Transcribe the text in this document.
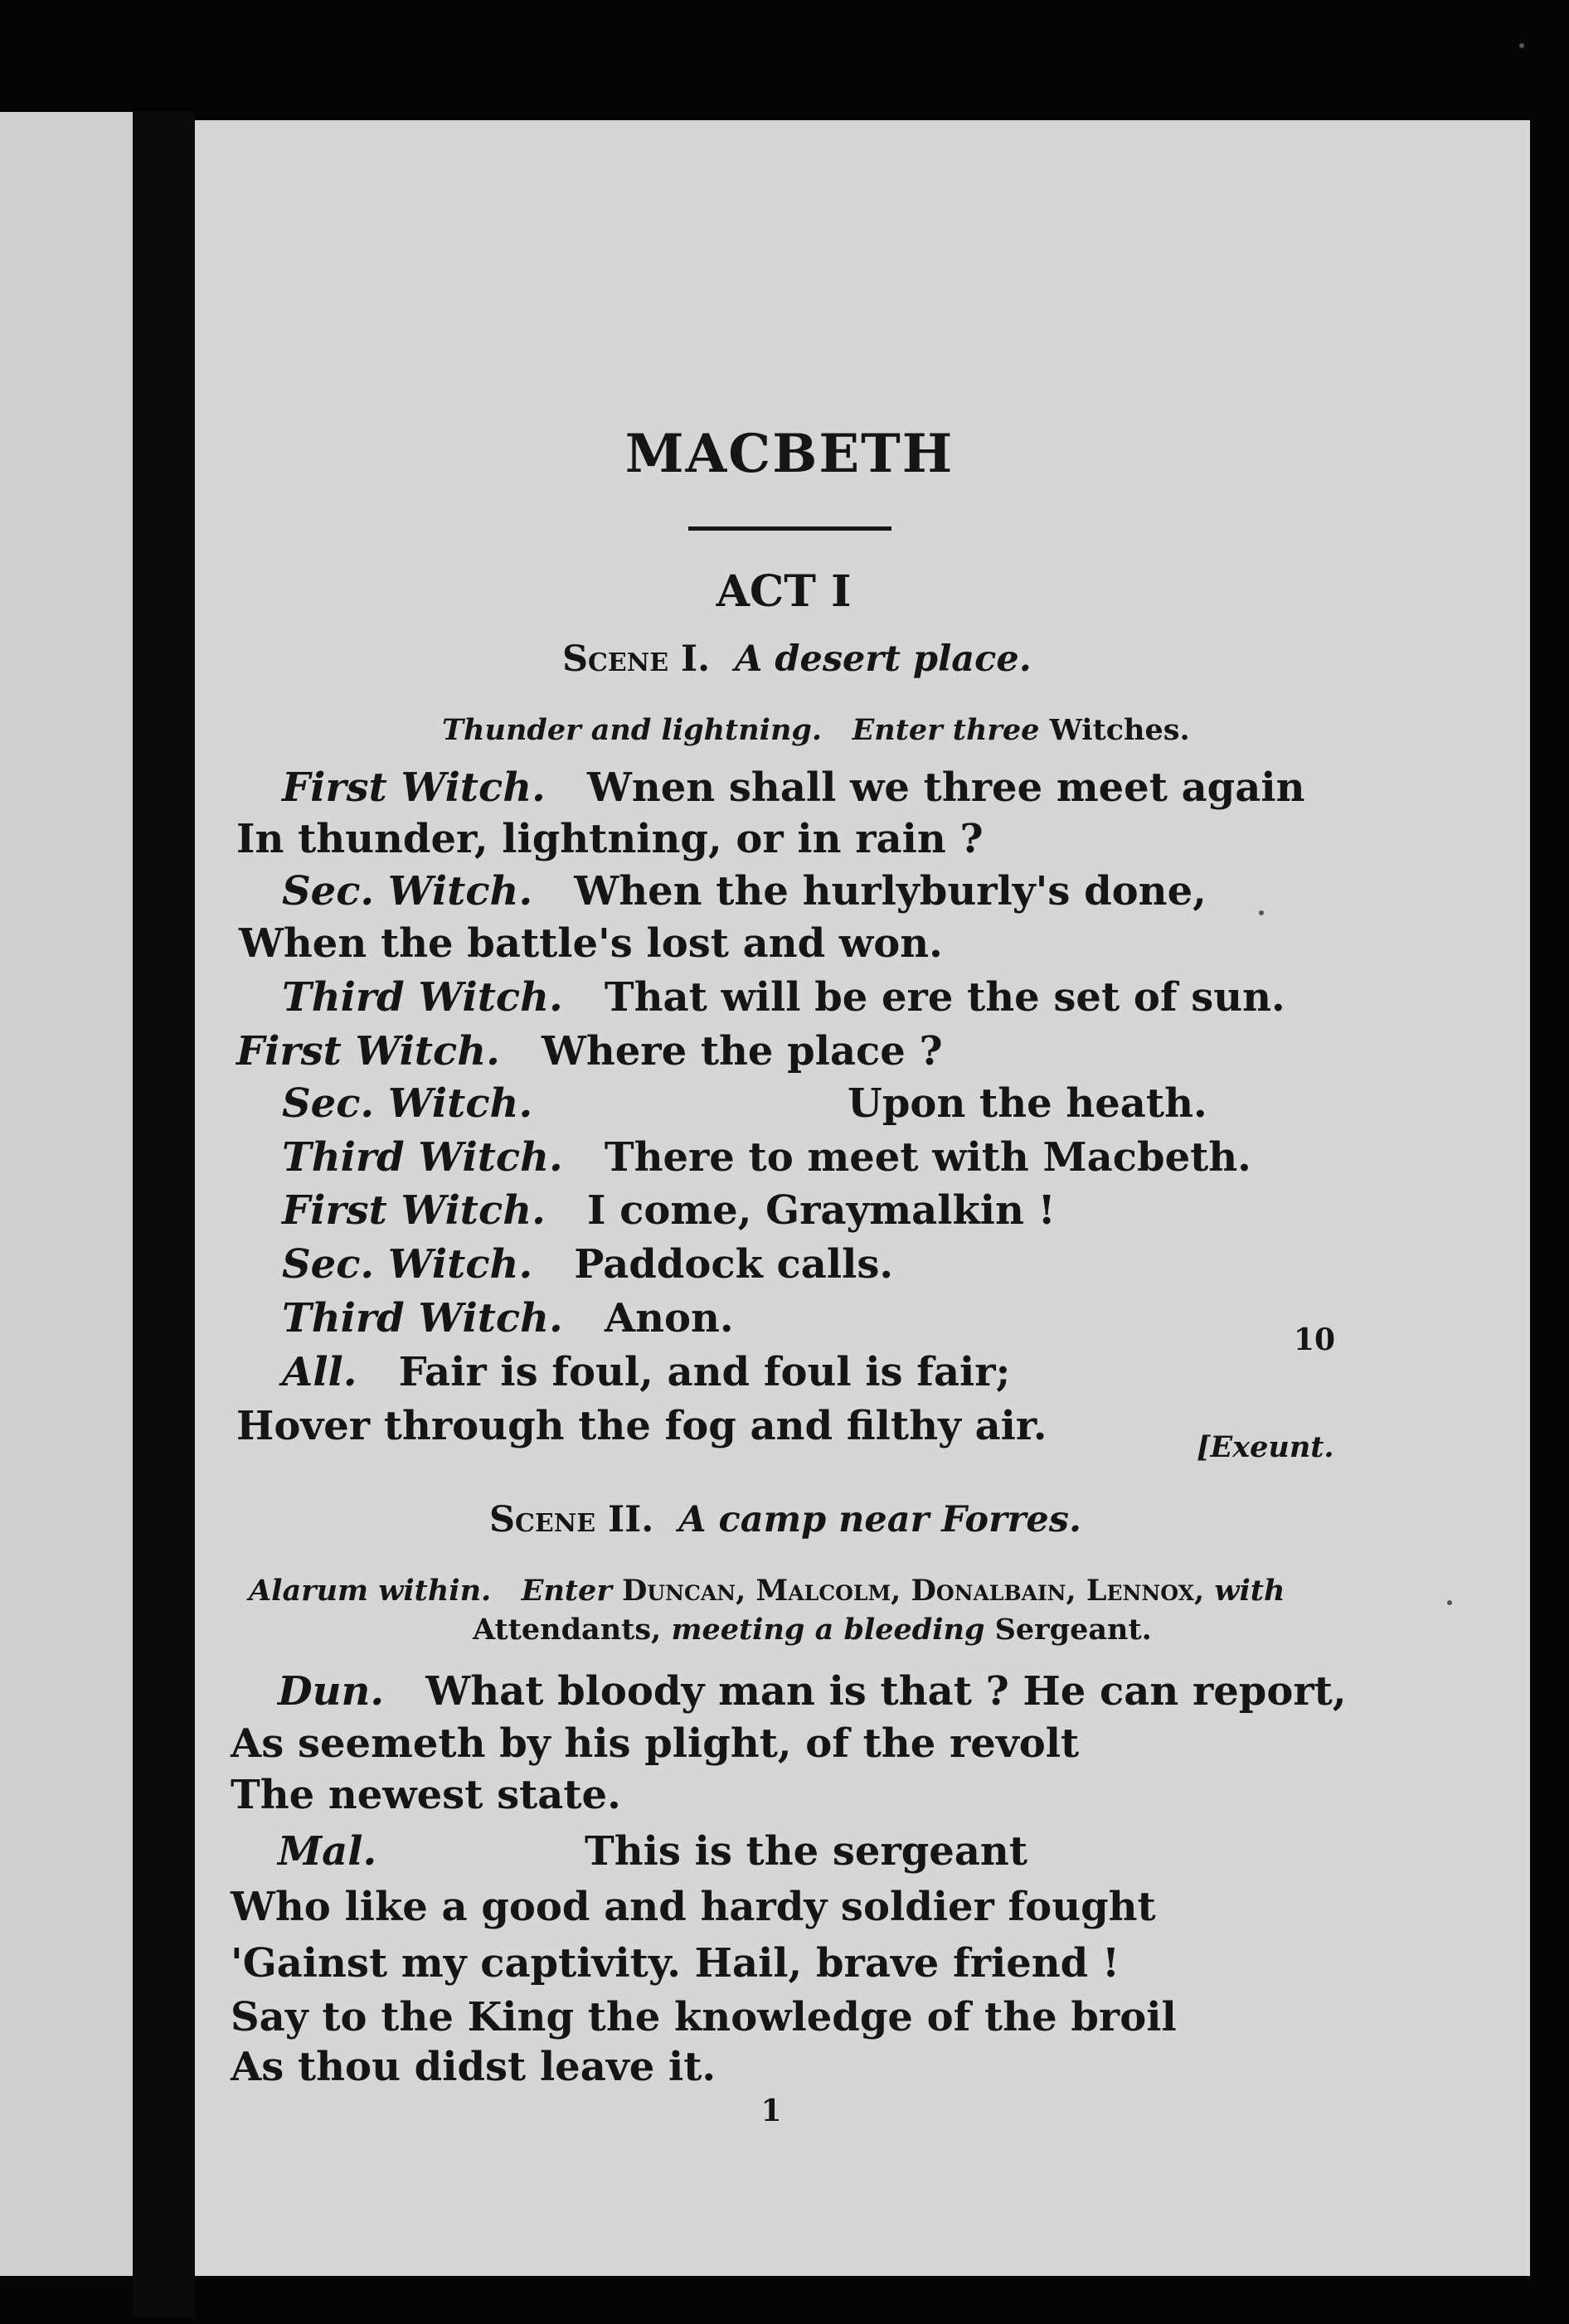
MACBETH
ACT I
Scene I. A desert place.
Thunder and lightning. Enter three Witches.
First Witch. Wnen shall we three meet again
In thunder, lightning, or in rain ?
Sec. Witch. When the hurlyburly's done,
When the battle's lost and won.
Third Witch. That will be ere the set of sun.
First Witch. Where the place ?
Sec. Witch.	Upon the heath.
Third Witch. There to meet with Macbeth.
First Witch. I come, Graymalkin !
Sec. Witch. Paddock calls.
Third Witch. Anon.	10
All. Fair is foul, and foul is fair;
Hover through the fog and filthy air.	[Exeunt.
Scene II. A camp near Forres.
Alarum within. Enter Duncan, Malcolm, Donalbain, Lennox, with
Attendants, meeting a bleeding Sergeant.
Dun. What bloody man is that ? He can report,
As seemeth by his plight, of the revolt
The newest state.
Mal.	This is the sergeant
Who like a good and hardy soldier fought
'Gainst my captivity. Hail, brave friend !
Say to the King the knowledge of the broil
As thou didst leave it.
1
